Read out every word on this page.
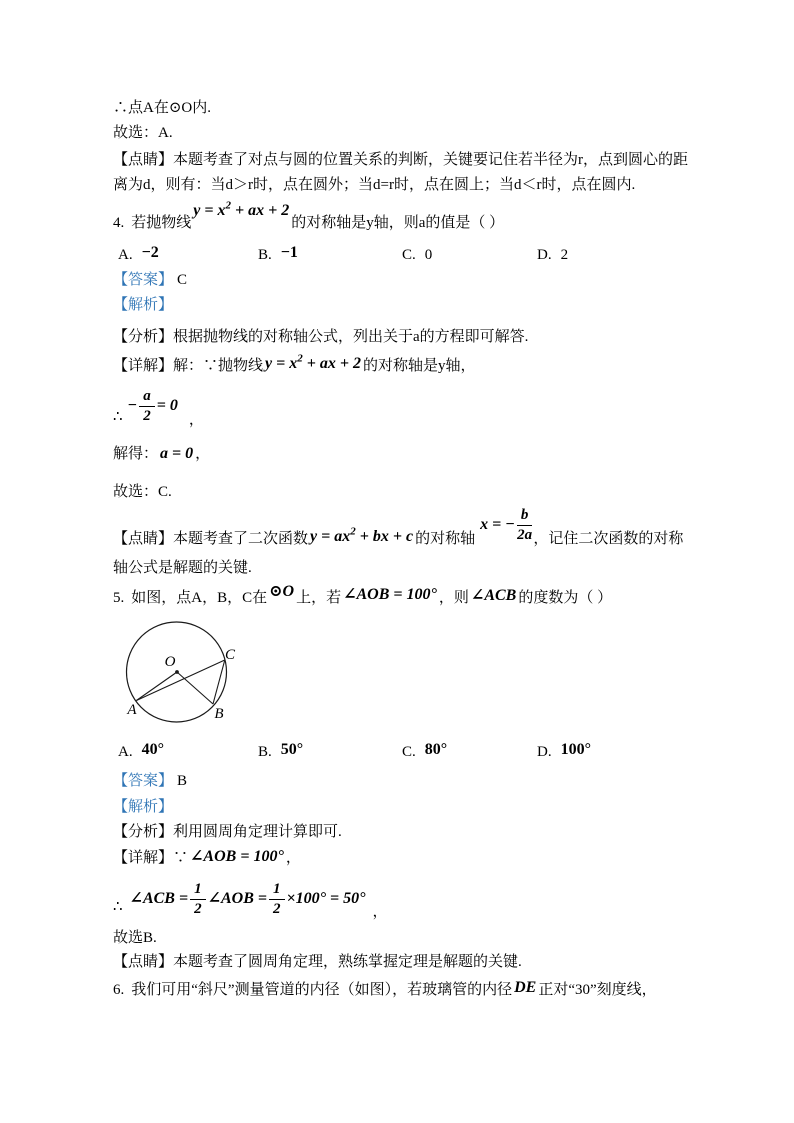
∴点A在⊙O内.
故选：A.
【点睛】本题考查了对点与圆的位置关系的判断，关键要记住若半径为r，点到圆心的距
离为d，则有：当d＞r时，点在圆外；当d=r时，点在圆上；当d＜r时，点在圆内.
4. 若抛物线
$y = x^2$ + ax + 2
的对称轴是y轴，则a的值是（ ）
A. −2	B. −1	C. 0	D. 2
【答案】 C
【解析】
【分析】根据抛物线的对称轴公式，列出关于a的方程即可解答.
【详解】解：∵抛物线 $y = x^2$ + ax + 2 的对称轴是y轴，
∴
− $\frac{a}{2} = 0$
，
解得： a = 0 ，
故选：C.
【点睛】本题考查了二次函数 $y = ax^2$ + bx + c 的对称轴
x = − $\frac{b}{2a}$ ，记住二次函数的对称
轴公式是解题的关键.
5. 如图，点A，B，C在 ⊙O 上，若 ∠AOB = 100° ，则 ∠ACB 的度数为（ ）
O
A	B
C
A. 40°	B. 50°	C. 80°	D. 100°
【答案】 B
【解析】
【分析】利用圆周角定理计算即可.
【详解】∵ ∠AOB = 100° ，
∴ ∠ACB = $\frac{1}{2}$ ∠AOB = $\frac{1}{2} \times 100^\circ = 50^\circ$
，
故选B.
【点睛】本题考查了圆周角定理，熟练掌握定理是解题的关键.
6. 我们可用“斜尺”测量管道的内径（如图），若玻璃管的内径 DE 正对“30”刻度线，
